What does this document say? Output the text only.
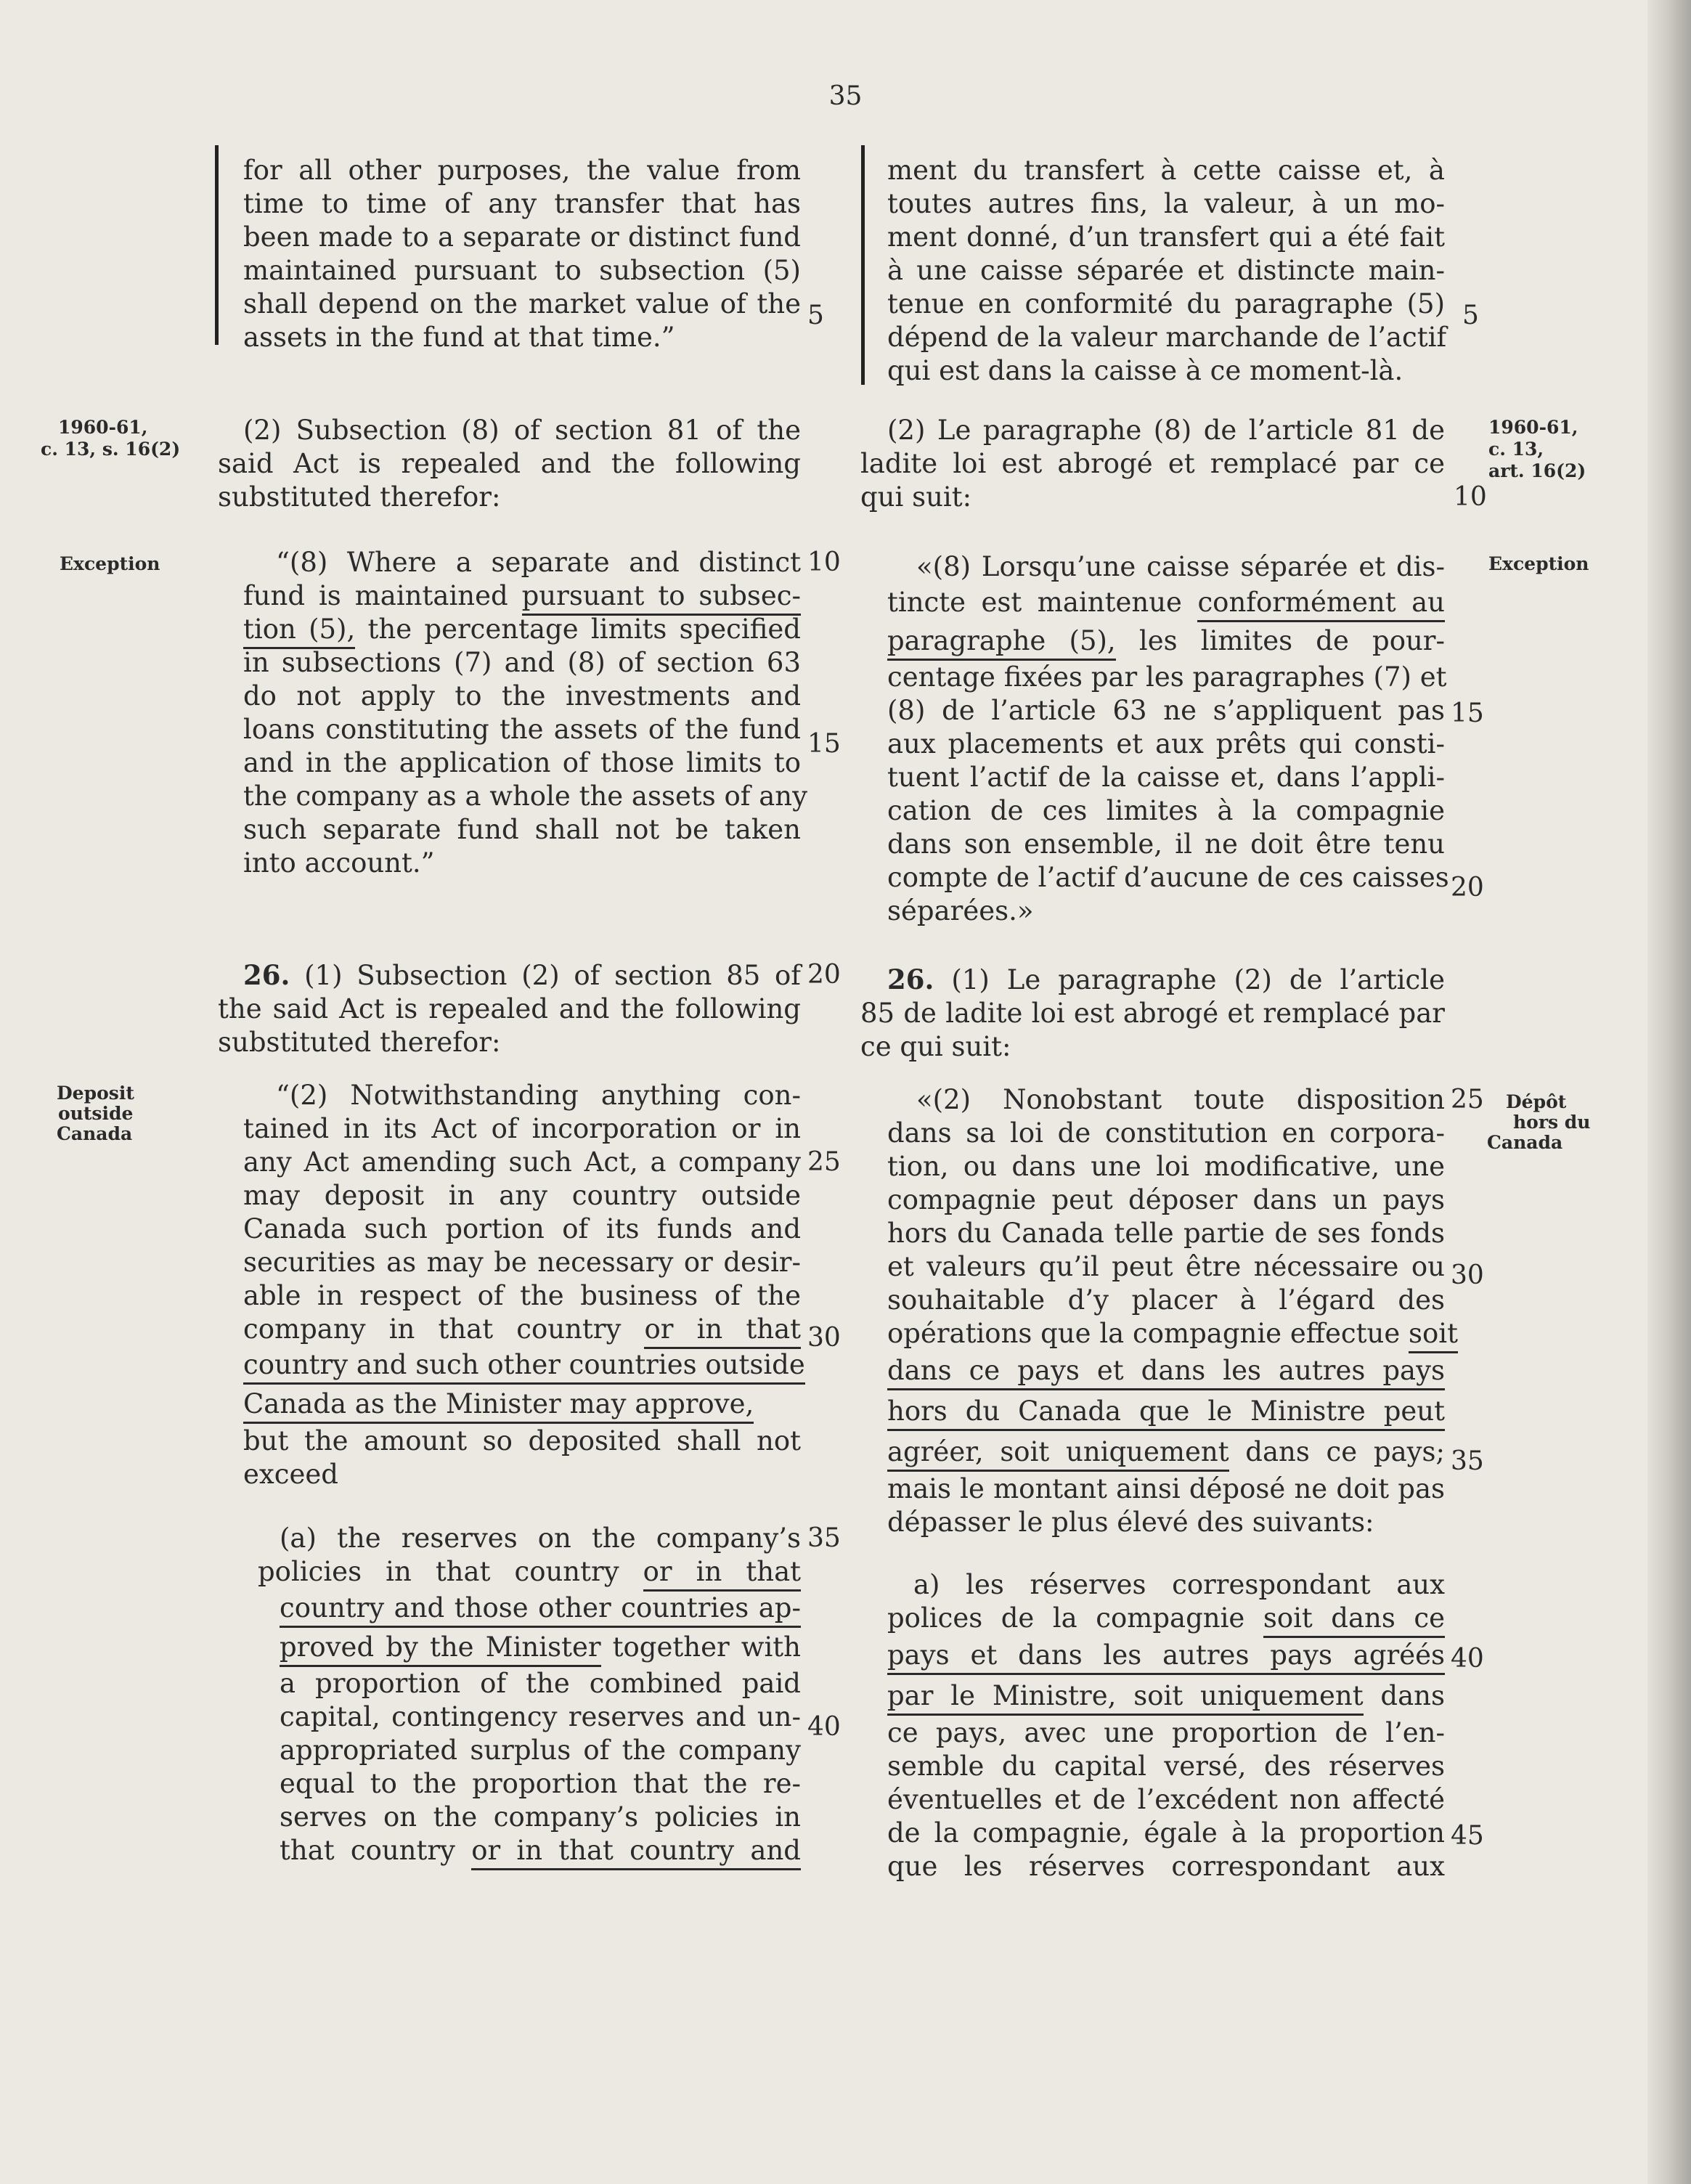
35
for all other purposes, the value from
time to time of any transfer that has
been made to a separate or distinct fund
maintained pursuant to subsection (5)
shall depend on the market value of the
assets in the fund at that time.”
(2) Subsection (8) of section 81 of the
said Act is repealed and the following
substituted therefor:
“(8) Where a separate and distinct
fund is maintained pursuant to subsec-
tion (5), the percentage limits specified
in subsections (7) and (8) of section 63
do not apply to the investments and
loans constituting the assets of the fund
and in the application of those limits to
the company as a whole the assets of any
such separate fund shall not be taken
into account.”
26. (1) Subsection (2) of section 85 of
the said Act is repealed and the following
substituted therefor:
“(2) Notwithstanding anything con-
tained in its Act of incorporation or in
any Act amending such Act, a company
may deposit in any country outside
Canada such portion of its funds and
securities as may be necessary or desir-
able in respect of the business of the
company in that country or in that
country and such other countries outside
Canada as the Minister may approve,
but the amount so deposited shall not
exceed
(a) the reserves on the company’s
policies in that country or in that
country and those other countries ap-
proved by the Minister together with
a proportion of the combined paid
capital, contingency reserves and un-
appropriated surplus of the company
equal to the proportion that the re-
serves on the company’s policies in
that country or in that country and
ment du transfert à cette caisse et, à
toutes autres fins, la valeur, à un mo-
ment donné, d’un transfert qui a été fait
à une caisse séparée et distincte main-
tenue en conformité du paragraphe (5)
dépend de la valeur marchande de l’actif
qui est dans la caisse à ce moment-là.
(2) Le paragraphe (8) de l’article 81 de
ladite loi est abrogé et remplacé par ce
qui suit:
«(8) Lorsqu’une caisse séparée et dis-
tincte est maintenue conformément au
paragraphe (5), les limites de pour-
centage fixées par les paragraphes (7) et
(8) de l’article 63 ne s’appliquent pas
aux placements et aux prêts qui consti-
tuent l’actif de la caisse et, dans l’appli-
cation de ces limites à la compagnie
dans son ensemble, il ne doit être tenu
compte de l’actif d’aucune de ces caisses
séparées.»
26. (1) Le paragraphe (2) de l’article
85 de ladite loi est abrogé et remplacé par
ce qui suit:
«(2) Nonobstant toute disposition
dans sa loi de constitution en corpora-
tion, ou dans une loi modificative, une
compagnie peut déposer dans un pays
hors du Canada telle partie de ses fonds
et valeurs qu’il peut être nécessaire ou
souhaitable d’y placer à l’égard des
opérations que la compagnie effectue soit
dans ce pays et dans les autres pays
hors du Canada que le Ministre peut
agréer, soit uniquement dans ce pays;
mais le montant ainsi déposé ne doit pas
dépasser le plus élevé des suivants:
a) les réserves correspondant aux
polices de la compagnie soit dans ce
pays et dans les autres pays agréés
par le Ministre, soit uniquement dans
ce pays, avec une proportion de l’en-
semble du capital versé, des réserves
éventuelles et de l’excédent non affecté
de la compagnie, égale à la proportion
que les réserves correspondant aux
5
10
15
20
25
30
35
40
5
10
15
20
25
30
35
40
45
1960-61,
c. 13, s. 16(2)
Exception
Deposit
outside
Canada
1960-61,
c. 13,
art. 16(2)
Exception
Dépôt
hors du
Canada
